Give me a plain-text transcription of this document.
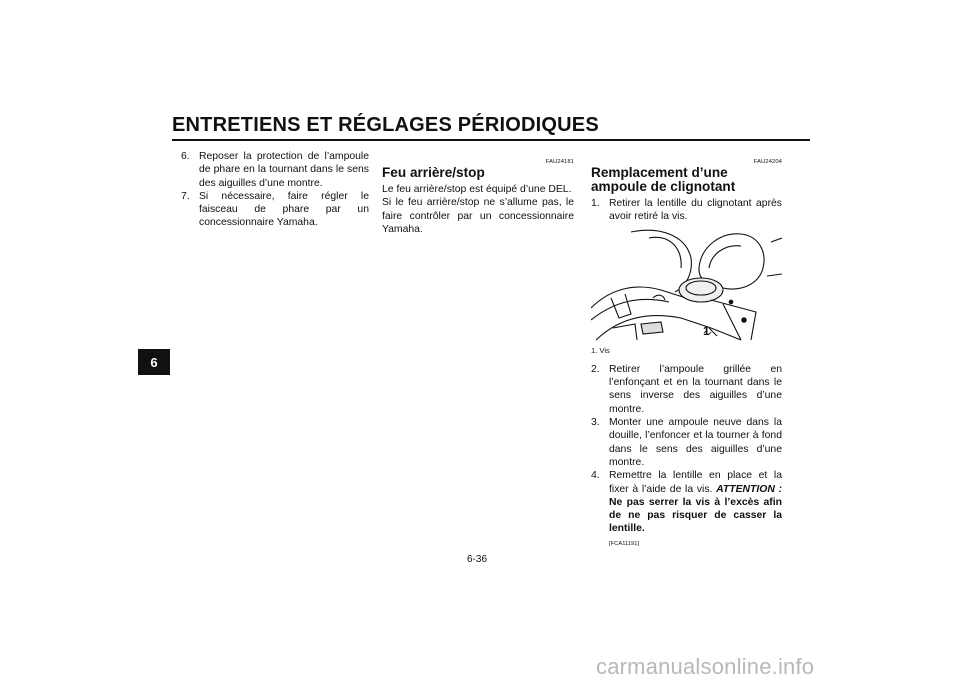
ENTRETIENS ET RÉGLAGES PÉRIODIQUES
6
6. Reposer la protection de l’ampoule de phare en la tournant dans le sens des aiguilles d’une montre.
7. Si nécessaire, faire régler le faisceau de phare par un concessionnaire Yamaha.
FAU24181
Feu arrière/stop

Le feu arrière/stop est équipé d’une DEL.

Si le feu arrière/stop ne s’allume pas, le faire contrôler par un concessionnaire Yamaha.

FAU24204
Remplacement d’une ampoule de clignotant
1. Retirer la lentille du clignotant après avoir retiré la vis.
1
1. Vis
2. Retirer l’ampoule grillée en l’enfonçant et en la tournant dans le sens inverse des aiguilles d’une montre.
3. Monter une ampoule neuve dans la douille, l’enfoncer et la tourner à fond dans le sens des aiguilles d’une montre.
4. Remettre la lentille en place et la fixer à l’aide de la vis. ATTENTION : Ne pas serrer la vis à l’excès afin de ne pas risquer de casser la lentille.
[FCA11191]
6-36
carmanualsonline.info
